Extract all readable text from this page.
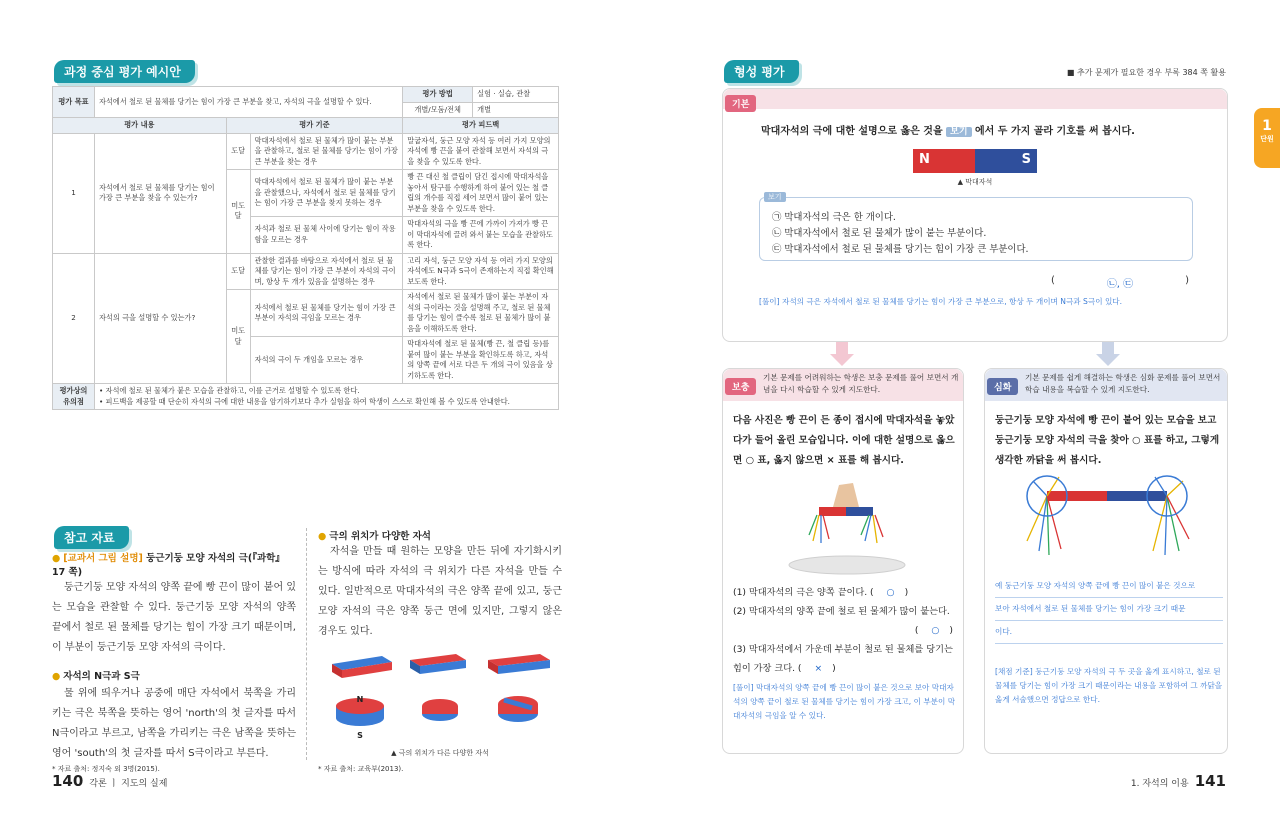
과정 중심 평가 예시안
평가 목표	자석에서 철로 된 물체를 당기는 힘이 가장 큰 부분을 찾고, 자석의 극을 설명할 수 있다.			평가 방법	실험 · 실습, 관찰
				개별/모둠/전체	개별
평가 내용		평가 기준		평가 피드백	
1	자석에서 철로 된 물체를 당기는 힘이 가장 큰 부분을 찾을 수 있는가?	도달	막대자석에서 철로 된 물체가 많이 붙는 부분을 관찰하고, 철로 된 물체를 당기는 힘이 가장 큰 부분을 찾는 경우	말굽자석, 둥근 모양 자석 등 여러 가지 모양의 자석에 빵 끈을 붙여 관찰해 보면서 자석의 극을 찾을 수 있도록 한다.	
		미도달	막대자석에서 철로 된 물체가 많이 붙는 부분을 관찰했으나, 자석에서 철로 된 물체를 당기는 힘이 가장 큰 부분을 찾지 못하는 경우	빵 끈 대신 철 클립이 담긴 접시에 막대자석을 놓아서 탐구를 수행하게 하여 붙어 있는 철 클립의 개수를 직접 세어 보면서 많이 붙어 있는 부분을 찾을 수 있도록 한다.	
			자석과 철로 된 물체 사이에 당기는 힘이 작용함을 모르는 경우	막대자석의 극을 빵 끈에 가까이 가져가 빵 끈이 막대자석에 끌려 와서 붙는 모습을 관찰하도록 한다.	
2	자석의 극을 설명할 수 있는가?	도달	관찰한 결과를 바탕으로 자석에서 철로 된 물체를 당기는 힘이 가장 큰 부분이 자석의 극이며, 항상 두 개가 있음을 설명하는 경우	고리 자석, 둥근 모양 자석 등 여러 가지 모양의 자석에도 N극과 S극이 존재하는지 직접 확인해 보도록 한다.	
		미도달	자석에서 철로 된 물체를 당기는 힘이 가장 큰 부분이 자석의 극임을 모르는 경우	자석에서 철로 된 물체가 많이 붙는 부분이 자석의 극이라는 것을 설명해 주고, 철로 된 물체를 당기는 힘이 클수록 철로 된 물체가 많이 붙음을 이해하도록 한다.	
			자석의 극이 두 개임을 모르는 경우	막대자석에 철로 된 물체(빵 끈, 철 클립 등)를 붙여 많이 붙는 부분을 확인하도록 하고, 자석의 양쪽 끝에 서로 다른 두 개의 극이 있음을 상기하도록 한다.	
평가상의 유의점	• 자석에 철로 된 물체가 붙은 모습을 관찰하고, 이를 근거로 설명할 수 있도록 한다.
• 피드백을 제공할 때 단순히 자석의 극에 대한 내용을 암기하기보다 추가 실험을 하여 학생이 스스로 확인해 볼 수 있도록 안내한다.				
참고 자료
● [교과서 그림 설명] 둥근기둥 모양 자석의 극(『과학』 17 쪽)
둥근기둥 모양 자석의 양쪽 끝에 빵 끈이 많이 붙어 있는 모습을 관찰할 수 있다. 둥근기둥 모양 자석의 양쪽 끝에서 철로 된 물체를 당기는 힘이 가장 크기 때문이며, 이 부분이 둥근기둥 모양 자석의 극이다.
● 자석의 N극과 S극
물 위에 띄우거나 공중에 매단 자석에서 북쪽을 가리키는 극은 북쪽을 뜻하는 영어 'north'의 첫 글자를 따서 N극이라고 부르고, 남쪽을 가리키는 극은 남쪽을 뜻하는 영어 'south'의 첫 글자를 따서 S극이라고 부른다.
* 자료 출처: 정지숙 외 3명(2015).
● 극의 위치가 다양한 자석
자석을 만들 때 원하는 모양을 만든 뒤에 자기화시키는 방식에 따라 자석의 극 위치가 다른 자석을 만들 수 있다. 일반적으로 막대자석의 극은 양쪽 끝에 있고, 둥근 모양 자석의 극은 양쪽 둥근 면에 있지만, 그렇지 않은 경우도 있다.
N
S
▲ 극의 위치가 다른 다양한 자석
* 자료 출처: 교육부(2013).
140 각론 ㅣ 지도의 실제
형성 평가	■ 추가 문제가 필요한 경우 부록 384 쪽 활용
1
단원
기본
막대자석의 극에 대한 설명으로 옳은 것을 보기 에서 두 가지 골라 기호를 써 봅시다.
N	S
▲ 막대자석
보기
㉠ 막대자석의 극은 한 개이다.
㉡ 막대자석에서 철로 된 물체가 많이 붙는 부분이다.
㉢ 막대자석에서 철로 된 물체를 당기는 힘이 가장 큰 부분이다.
(	㉡, ㉢	)
[풀이] 자석의 극은 자석에서 철로 된 물체를 당기는 힘이 가장 큰 부분으로, 항상 두 개이며 N극과 S극이 있다.
보충
기본 문제를 어려워하는 학생은 보충 문제를 풀어 보면서 개념을 다시 학습할 수 있게 지도한다.
다음 사진은 빵 끈이 든 종이 접시에 막대자석을 놓았다가 들어 올린 모습입니다. 이에 대한 설명으로 옳으면 ○ 표, 옳지 않으면 × 표를 해 봅시다.
(1) 막대자석의 극은 양쪽 끝이다. ( ○ )
(2) 막대자석의 양쪽 끝에 철로 된 물체가 많이 붙는다.
( ○ )
(3) 막대자석에서 가운데 부분이 철로 된 물체를 당기는 힘이 가장 크다. ( × )
[풀이] 막대자석의 양쪽 끝에 빵 끈이 많이 붙은 것으로 보아 막대자석의 양쪽 끝이 철로 된 물체를 당기는 힘이 가장 크고, 이 부분이 막대자석의 극임을 알 수 있다.
심화
기본 문제를 쉽게 해결하는 학생은 심화 문제를 풀어 보면서 학습 내용을 복습할 수 있게 지도한다.
둥근기둥 모양 자석에 빵 끈이 붙어 있는 모습을 보고 둥근기둥 모양 자석의 극을 찾아 ○ 표를 하고, 그렇게 생각한 까닭을 써 봅시다.
예 둥근기둥 모양 자석의 양쪽 끝에 빵 끈이 많이 붙은 것으로
보아 자석에서 철로 된 물체를 당기는 힘이 가장 크기 때문
이다.
[채점 기준] 둥근기둥 모양 자석의 극 두 곳을 옳게 표시하고, 철로 된 물체를 당기는 힘이 가장 크기 때문이라는 내용을 포함하여 그 까닭을 옳게 서술했으면 정답으로 한다.
1. 자석의 이용 141
